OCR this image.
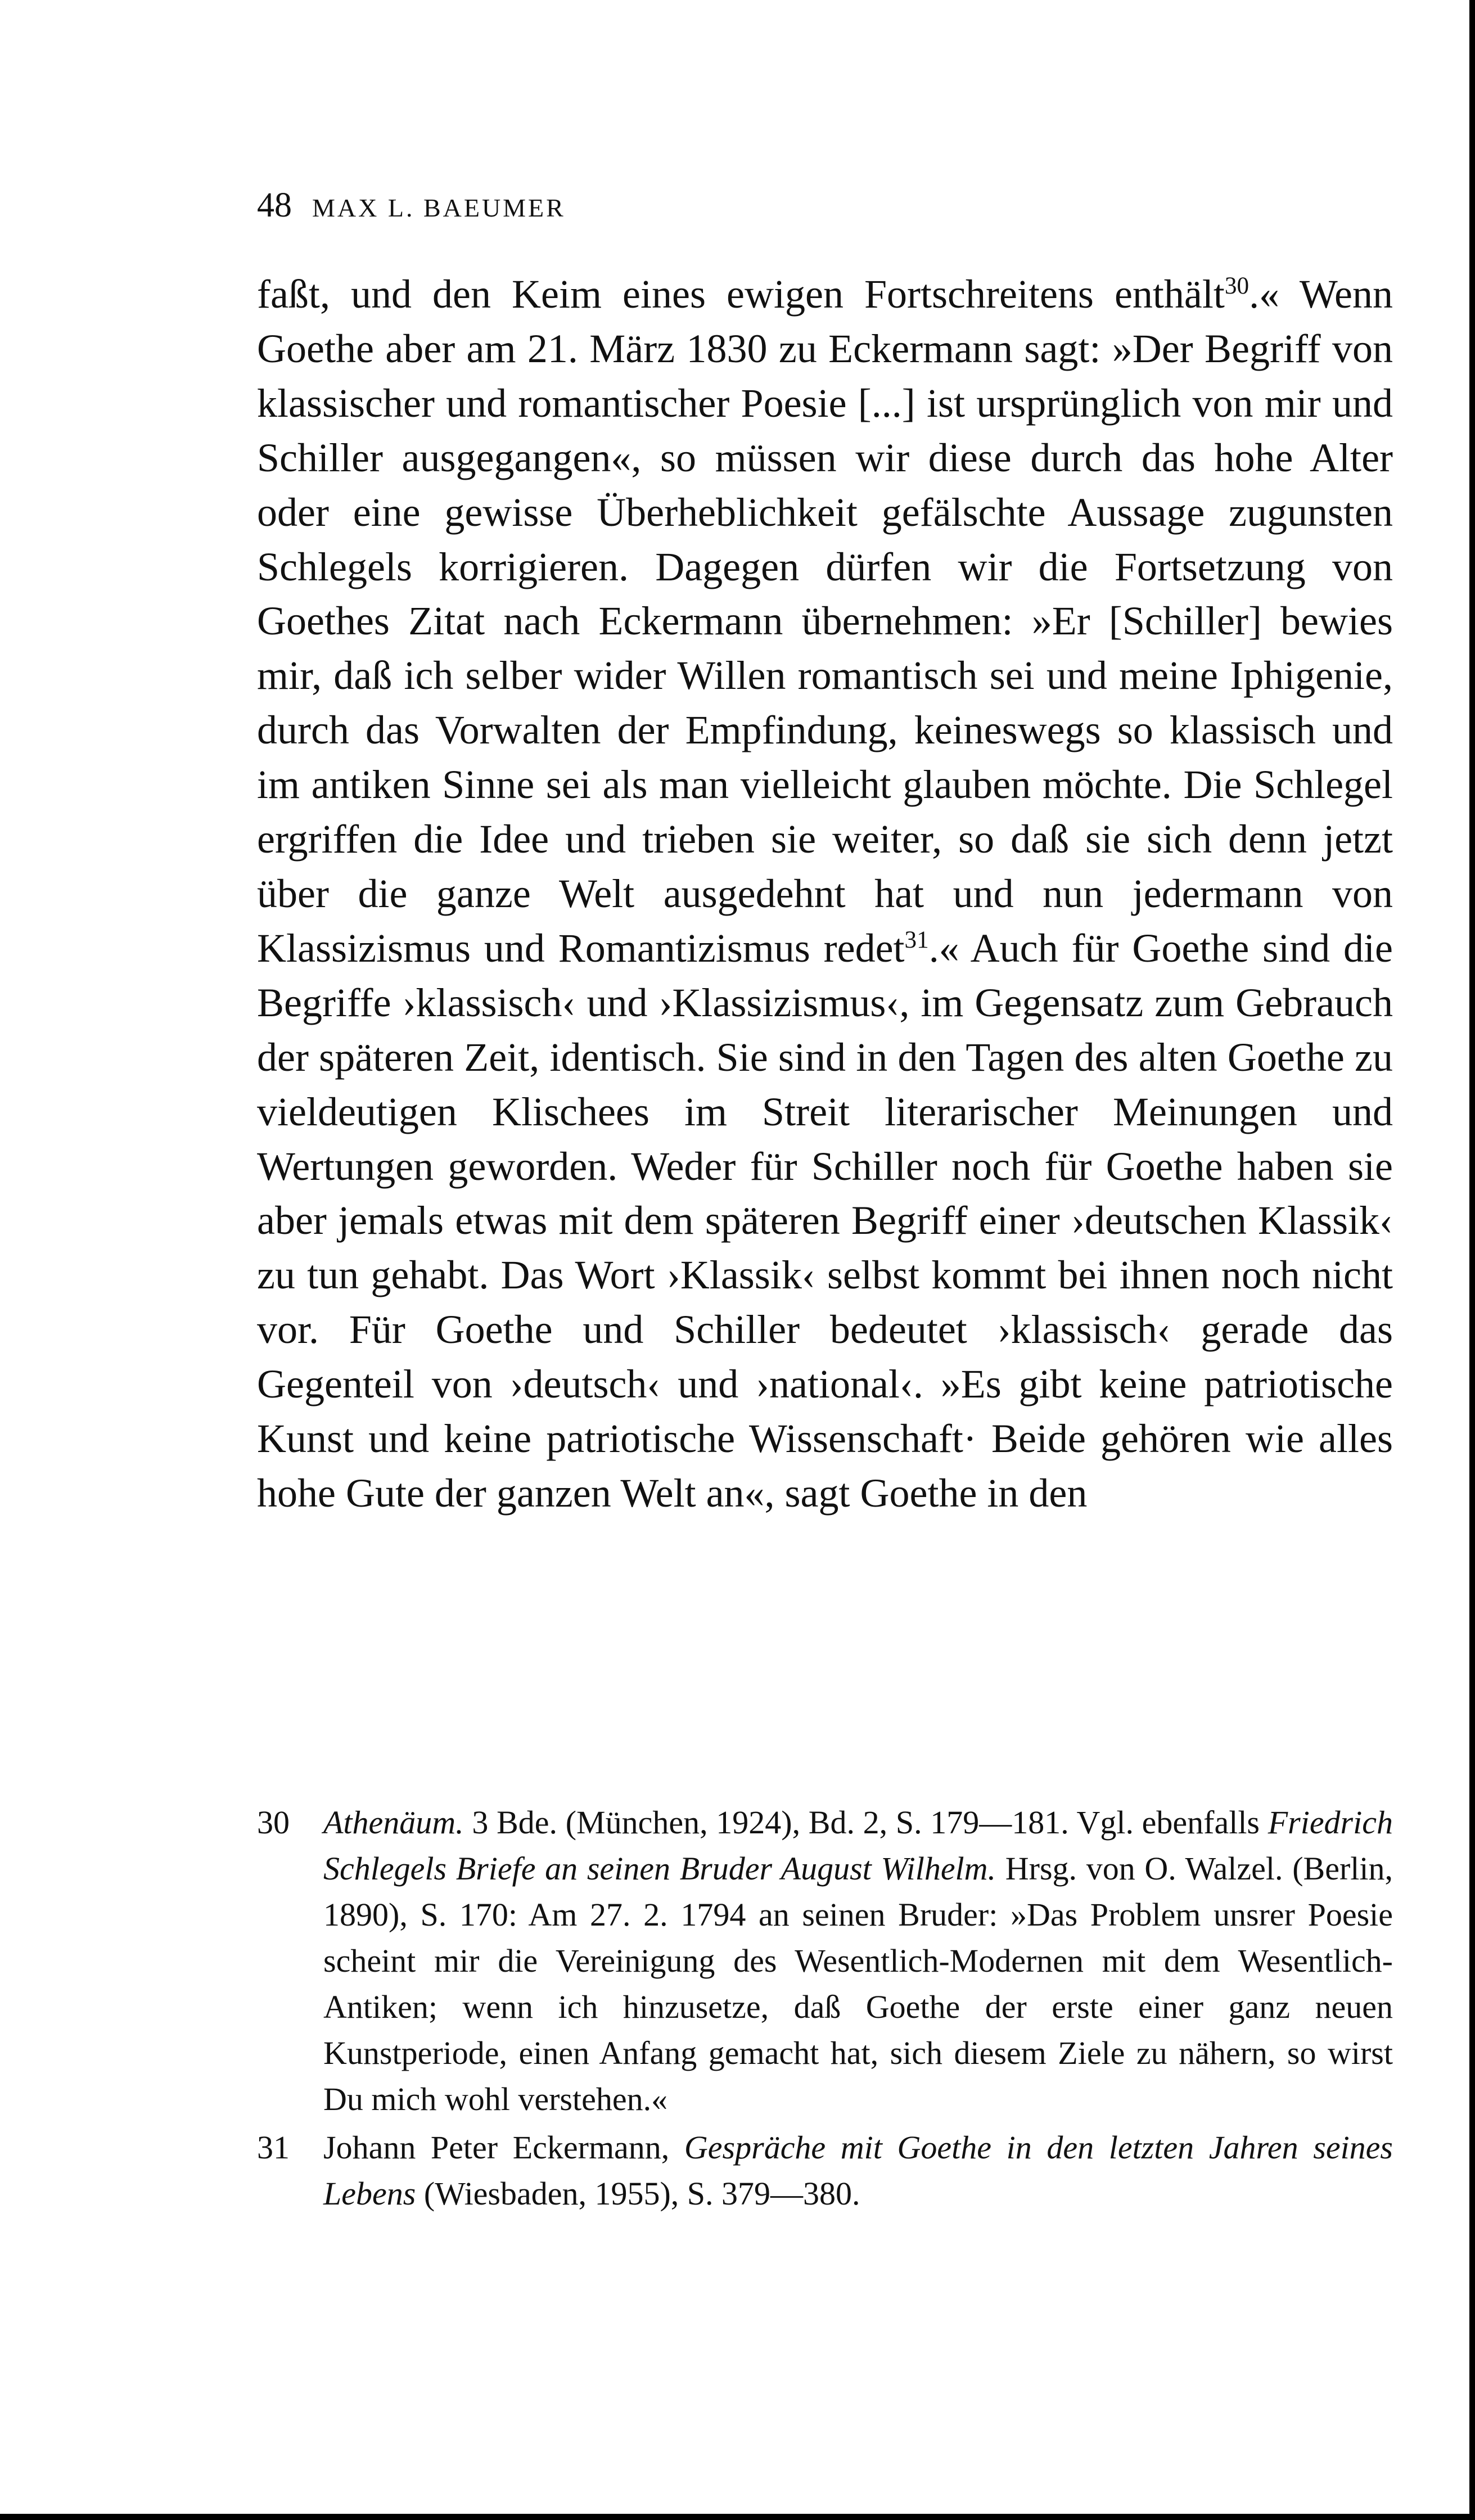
48 MAX L. BAEUMER
faßt, und den Keim eines ewigen Fortschreitens enthält$^{30}$.« Wenn Goethe aber am 21. März 1830 zu Eckermann sagt: »Der Begriff von klassischer und romantischer Poesie [...] ist ursprünglich von mir und Schiller ausgegangen«, so müssen wir diese durch das hohe Alter oder eine gewisse Überheblichkeit gefälschte Aussage zugunsten Schlegels korrigieren. Dagegen dürfen wir die Fortsetzung von Goethes Zitat nach Eckermann übernehmen: »Er [Schiller] bewies mir, daß ich selber wider Willen romantisch sei und meine Iphigenie, durch das Vorwalten der Empfindung, keineswegs so klassisch und im antiken Sinne sei als man vielleicht glauben möchte. Die Schlegel ergriffen die Idee und trieben sie weiter, so daß sie sich denn jetzt über die ganze Welt ausgedehnt hat und nun jedermann von Klassizismus und Romantizismus redet$^{31}$.« Auch für Goethe sind die Begriffe ›klassisch‹ und ›Klassizismus‹, im Gegensatz zum Gebrauch der späteren Zeit, identisch. Sie sind in den Tagen des alten Goethe zu vieldeutigen Klischees im Streit literarischer Meinungen und Wertungen geworden. Weder für Schiller noch für Goethe haben sie aber jemals etwas mit dem späteren Begriff einer ›deutschen Klassik‹ zu tun gehabt. Das Wort ›Klassik‹ selbst kommt bei ihnen noch nicht vor. Für Goethe und Schiller bedeutet ›klassisch‹ gerade das Gegenteil von ›deutsch‹ und ›national‹. »Es gibt keine patriotische Kunst und keine patriotische Wissenschaft· Beide gehören wie alles hohe Gute der ganzen Welt an«, sagt Goethe in den
30 Athenäum. 3 Bde. (München, 1924), Bd. 2, S. 179—181. Vgl. ebenfalls Friedrich Schlegels Briefe an seinen Bruder August Wilhelm. Hrsg. von O. Walzel. (Berlin, 1890), S. 170: Am 27. 2. 1794 an seinen Bruder: »Das Problem unsrer Poesie scheint mir die Vereinigung des Wesentlich-Modernen mit dem Wesentlich-Antiken; wenn ich hinzusetze, daß Goethe der erste einer ganz neuen Kunstperiode, einen Anfang gemacht hat, sich diesem Ziele zu nähern, so wirst Du mich wohl verstehen.«
31 Johann Peter Eckermann, Gespräche mit Goethe in den letzten Jahren seines Lebens (Wiesbaden, 1955), S. 379—380.
